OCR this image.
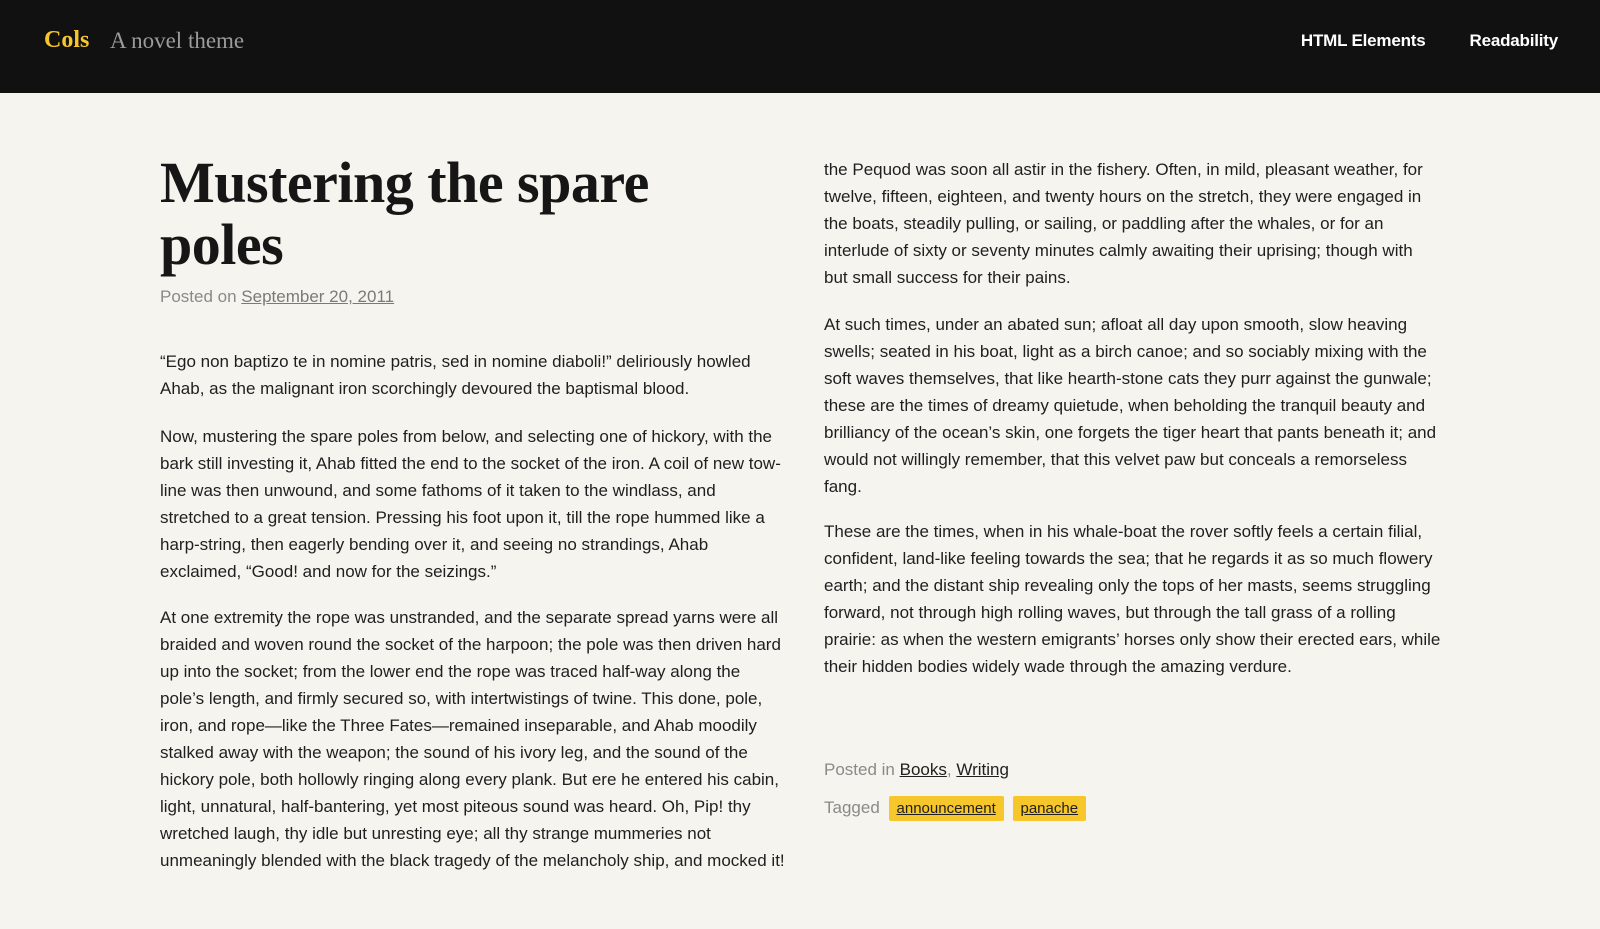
Cols A novel theme	HTML Elements	Readability
Mustering the spare poles
Posted on September 20, 2011

“Ego non baptizo te in nomine patris, sed in nomine diaboli!” deliriously howled Ahab, as the malignant iron scorchingly devoured the baptismal blood.

Now, mustering the spare poles from below, and selecting one of hickory, with the bark still investing it, Ahab fitted the end to the socket of the iron. A coil of new tow-line was then unwound, and some fathoms of it taken to the windlass, and stretched to a great tension. Pressing his foot upon it, till the rope hummed like a harp-string, then eagerly bending over it, and seeing no strandings, Ahab exclaimed, “Good! and now for the seizings.”

At one extremity the rope was unstranded, and the separate spread yarns were all braided and woven round the socket of the harpoon; the pole was then driven hard up into the socket; from the lower end the rope was traced half-way along the pole’s length, and firmly secured so, with intertwistings of twine. This done, pole, iron, and rope—like the Three Fates—remained inseparable, and Ahab moodily stalked away with the weapon; the sound of his ivory leg, and the sound of the hickory pole, both hollowly ringing along every plank. But ere he entered his cabin, light, unnatural, half-bantering, yet most piteous sound was heard. Oh, Pip! thy wretched laugh, thy idle but unresting eye; all thy strange mummeries not unmeaningly blended with the black tragedy of the melancholy ship, and mocked it!

the Pequod was soon all astir in the fishery. Often, in mild, pleasant weather, for twelve, fifteen, eighteen, and twenty hours on the stretch, they were engaged in the boats, steadily pulling, or sailing, or paddling after the whales, or for an interlude of sixty or seventy minutes calmly awaiting their uprising; though with but small success for their pains.

At such times, under an abated sun; afloat all day upon smooth, slow heaving swells; seated in his boat, light as a birch canoe; and so sociably mixing with the soft waves themselves, that like hearth-stone cats they purr against the gunwale; these are the times of dreamy quietude, when beholding the tranquil beauty and brilliancy of the ocean’s skin, one forgets the tiger heart that pants beneath it; and would not willingly remember, that this velvet paw but conceals a remorseless fang.

These are the times, when in his whale-boat the rover softly feels a certain filial, confident, land-like feeling towards the sea; that he regards it as so much flowery earth; and the distant ship revealing only the tops of her masts, seems struggling forward, not through high rolling waves, but through the tall grass of a rolling prairie: as when the western emigrants’ horses only show their erected ears, while their hidden bodies widely wade through the amazing verdure.

Posted in Books, Writing
Tagged announcement panache
